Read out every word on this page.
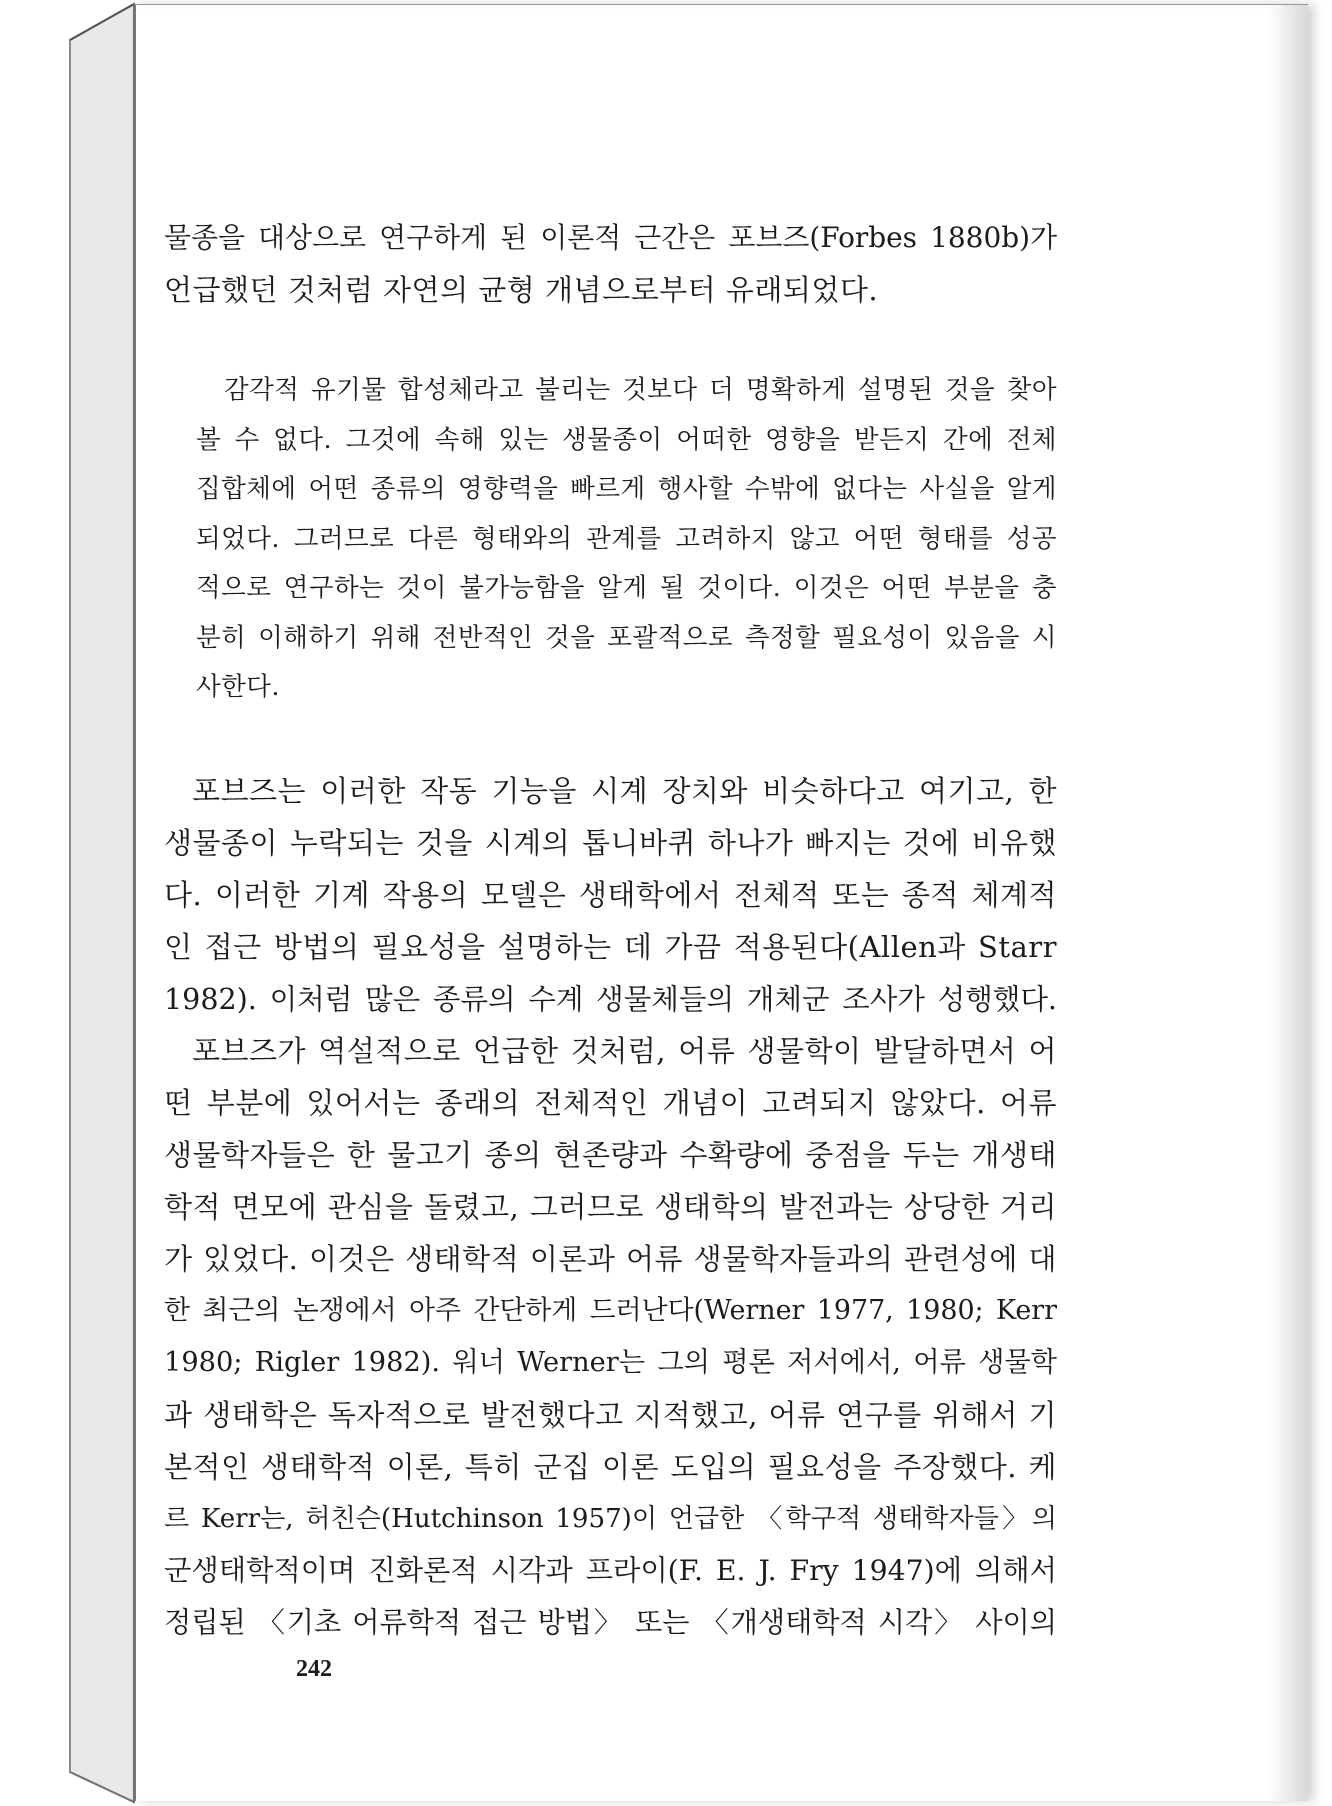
물종을 대상으로 연구하게 된 이론적 근간은 포브즈(Forbes 1880b)가
언급했던 것처럼 자연의 균형 개념으로부터 유래되었다.

감각적 유기물 합성체라고 불리는 것보다 더 명확하게 설명된 것을 찾아
볼 수 없다. 그것에 속해 있는 생물종이 어떠한 영향을 받든지 간에 전체
집합체에 어떤 종류의 영향력을 빠르게 행사할 수밖에 없다는 사실을 알게
되었다. 그러므로 다른 형태와의 관계를 고려하지 않고 어떤 형태를 성공
적으로 연구하는 것이 불가능함을 알게 될 것이다. 이것은 어떤 부분을 충
분히 이해하기 위해 전반적인 것을 포괄적으로 측정할 필요성이 있음을 시
사한다.

포브즈는 이러한 작동 기능을 시계 장치와 비슷하다고 여기고, 한
생물종이 누락되는 것을 시계의 톱니바퀴 하나가 빠지는 것에 비유했
다. 이러한 기계 작용의 모델은 생태학에서 전체적 또는 종적 체계적
인 접근 방법의 필요성을 설명하는 데 가끔 적용된다(Allen과 Starr
1982). 이처럼 많은 종류의 수계 생물체들의 개체군 조사가 성행했다.

포브즈가 역설적으로 언급한 것처럼, 어류 생물학이 발달하면서 어
떤 부분에 있어서는 종래의 전체적인 개념이 고려되지 않았다. 어류
생물학자들은 한 물고기 종의 현존량과 수확량에 중점을 두는 개생태
학적 면모에 관심을 돌렸고, 그러므로 생태학의 발전과는 상당한 거리
가 있었다. 이것은 생태학적 이론과 어류 생물학자들과의 관련성에 대
한 최근의 논쟁에서 아주 간단하게 드러난다(Werner 1977, 1980; Kerr
1980; Rigler 1982). 워너 Werner는 그의 평론 저서에서, 어류 생물학
과 생태학은 독자적으로 발전했다고 지적했고, 어류 연구를 위해서 기
본적인 생태학적 이론, 특히 군집 이론 도입의 필요성을 주장했다. 케
르 Kerr는, 허친슨(Hutchinson 1957)이 언급한 〈학구적 생태학자들〉의
군생태학적이며 진화론적 시각과 프라이(F. E. J. Fry 1947)에 의해서
정립된 〈기초 어류학적 접근 방법〉 또는 〈개생태학적 시각〉 사이의

242
